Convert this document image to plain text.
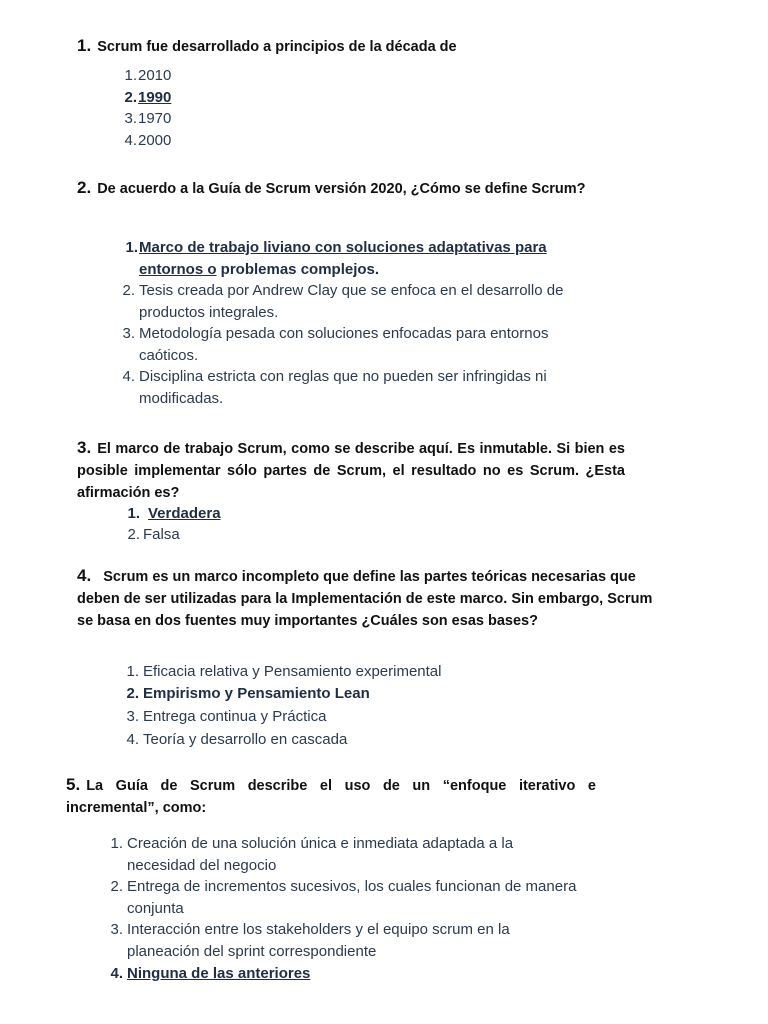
1. Scrum fue desarrollado a principios de la década de
1. 2010
2. 1990
3. 1970
4. 2000
2. De acuerdo a la Guía de Scrum versión 2020, ¿Cómo se define Scrum?
1. Marco de trabajo liviano con soluciones adaptativas para entornos o problemas complejos.
2. Tesis creada por Andrew Clay que se enfoca en el desarrollo de productos integrales.
3. Metodología pesada con soluciones enfocadas para entornos caóticos.
4. Disciplina estricta con reglas que no pueden ser infringidas ni modificadas.
3. El marco de trabajo Scrum, como se describe aquí. Es inmutable. Si bien es posible implementar sólo partes de Scrum, el resultado no es Scrum. ¿Esta afirmación es?
1. Verdadera
2. Falsa
4. Scrum es un marco incompleto que define las partes teóricas necesarias que deben de ser utilizadas para la Implementación de este marco. Sin embargo, Scrum se basa en dos fuentes muy importantes ¿Cuáles son esas bases?
1. Eficacia relativa y Pensamiento experimental
2. Empirismo y Pensamiento Lean
3. Entrega continua y Práctica
4. Teoría y desarrollo en cascada
5. La Guía de Scrum describe el uso de un “enfoque iterativo e incremental”, como:
1. Creación de una solución única e inmediata adaptada a la necesidad del negocio
2. Entrega de incrementos sucesivos, los cuales funcionan de manera conjunta
3. Interacción entre los stakeholders y el equipo scrum en la planeación del sprint correspondiente
4. Ninguna de las anteriores
